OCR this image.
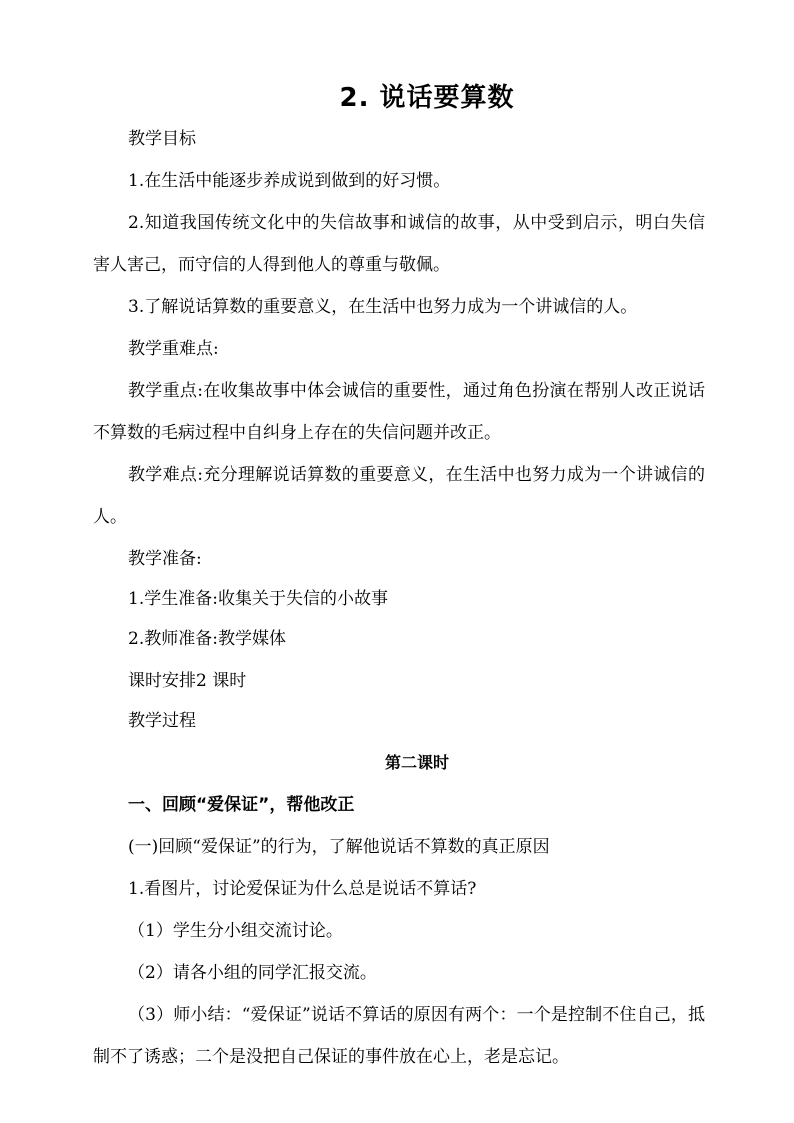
2. 说话要算数
教学目标
1.在生活中能逐步养成说到做到的好习惯。
2.知道我国传统文化中的失信故事和诚信的故事，从中受到启示，明白失信害人害己，而守信的人得到他人的尊重与敬佩。
3.了解说话算数的重要意义，在生活中也努力成为一个讲诚信的人。
教学重难点:
教学重点:在收集故事中体会诚信的重要性，通过角色扮演在帮别人改正说话不算数的毛病过程中自纠身上存在的失信问题并改正。
教学难点:充分理解说话算数的重要意义，在生活中也努力成为一个讲诚信的人。
教学准备:
1.学生准备:收集关于失信的小故事
2.教师准备:教学媒体
课时安排2 课时
教学过程
第二课时
一、回顾“爱保证”，帮他改正
(一)回顾“爱保证”的行为，了解他说话不算数的真正原因
1.看图片，讨论爱保证为什么总是说话不算话?
（1）学生分小组交流讨论。
（2）请各小组的同学汇报交流。
（3）师小结：“爱保证”说话不算话的原因有两个：一个是控制不住自己，抵制不了诱惑；二个是没把自己保证的事件放在心上，老是忘记。
